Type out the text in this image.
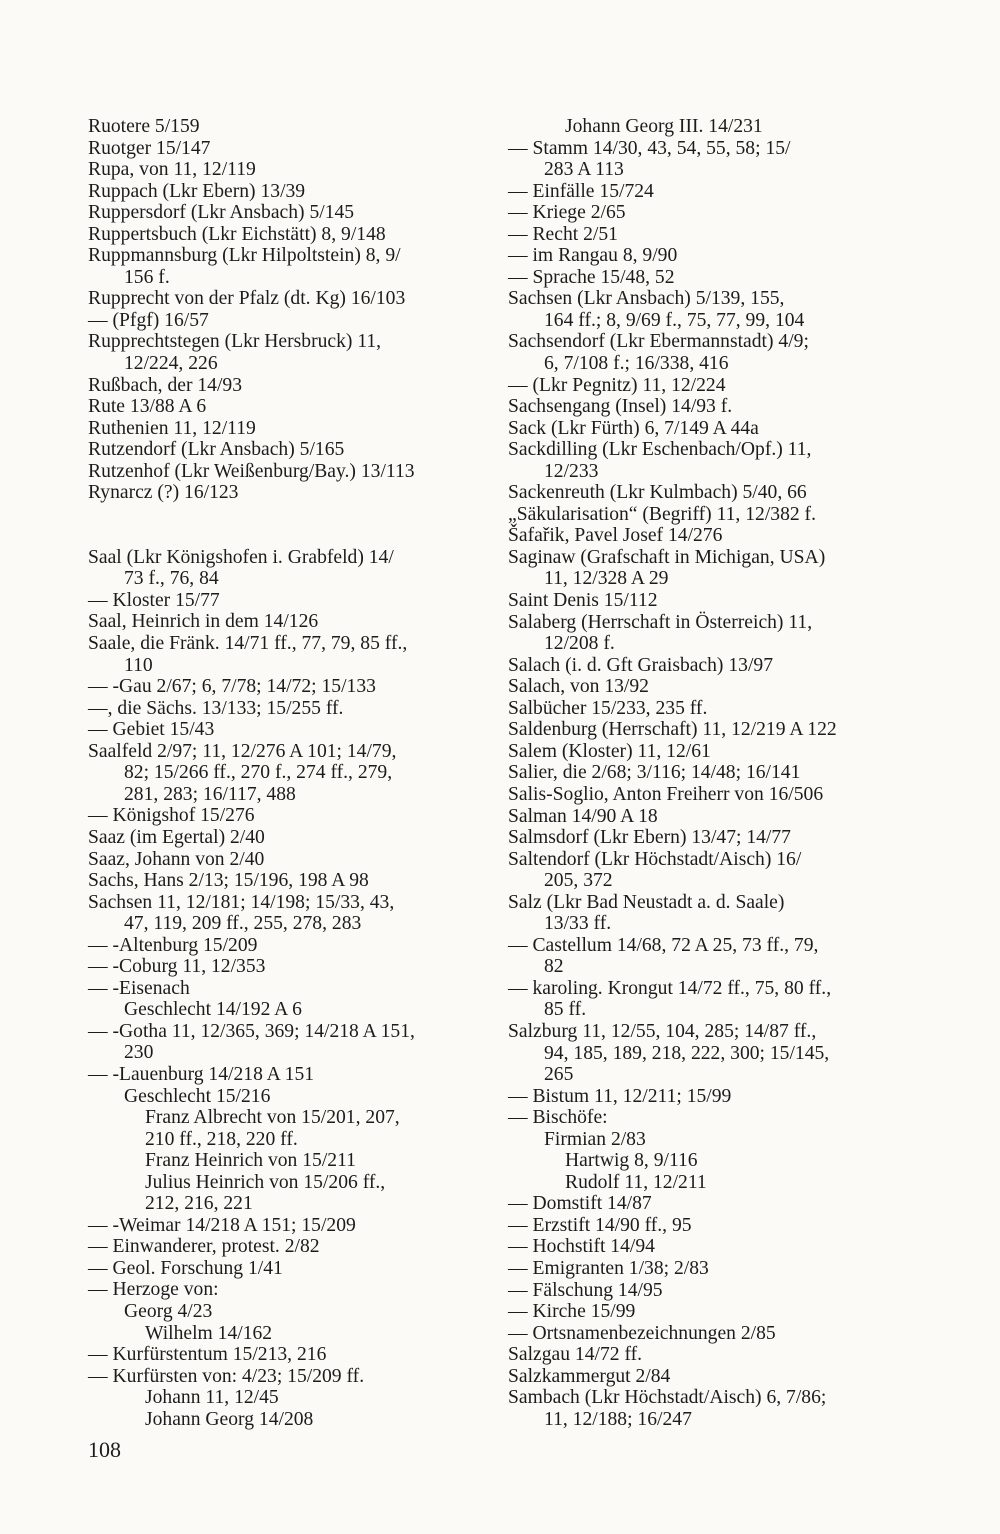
Ruotere 5/159
Ruotger 15/147
Rupa, von 11, 12/119
Ruppach (Lkr Ebern) 13/39
Ruppersdorf (Lkr Ansbach) 5/145
Ruppertsbuch (Lkr Eichstätt) 8, 9/148
Ruppmannsburg (Lkr Hilpoltstein) 8, 9/
156 f.
Rupprecht von der Pfalz (dt. Kg) 16/103
— (Pfgf) 16/57
Rupprechtstegen (Lkr Hersbruck) 11,
12/224, 226
Rußbach, der 14/93
Rute 13/88 A 6
Ruthenien 11, 12/119
Rutzendorf (Lkr Ansbach) 5/165
Rutzenhof (Lkr Weißenburg/Bay.) 13/113
Rynarcz (?) 16/123
Saal (Lkr Königshofen i. Grabfeld) 14/
73 f., 76, 84
— Kloster 15/77
Saal, Heinrich in dem 14/126
Saale, die Fränk. 14/71 ff., 77, 79, 85 ff.,
110
— -Gau 2/67; 6, 7/78; 14/72; 15/133
—, die Sächs. 13/133; 15/255 ff.
— Gebiet 15/43
Saalfeld 2/97; 11, 12/276 A 101; 14/79,
82; 15/266 ff., 270 f., 274 ff., 279,
281, 283; 16/117, 488
— Königshof 15/276
Saaz (im Egertal) 2/40
Saaz, Johann von 2/40
Sachs, Hans 2/13; 15/196, 198 A 98
Sachsen 11, 12/181; 14/198; 15/33, 43,
47, 119, 209 ff., 255, 278, 283
— -Altenburg 15/209
— -Coburg 11, 12/353
— -Eisenach
Geschlecht 14/192 A 6
— -Gotha 11, 12/365, 369; 14/218 A 151,
230
— -Lauenburg 14/218 A 151
Geschlecht 15/216
Franz Albrecht von 15/201, 207,
210 ff., 218, 220 ff.
Franz Heinrich von 15/211
Julius Heinrich von 15/206 ff.,
212, 216, 221
— -Weimar 14/218 A 151; 15/209
— Einwanderer, protest. 2/82
— Geol. Forschung 1/41
— Herzoge von:
Georg 4/23
Wilhelm 14/162
— Kurfürstentum 15/213, 216
— Kurfürsten von: 4/23; 15/209 ff.
Johann 11, 12/45
Johann Georg 14/208
Johann Georg III. 14/231
— Stamm 14/30, 43, 54, 55, 58; 15/
283 A 113
— Einfälle 15/724
— Kriege 2/65
— Recht 2/51
— im Rangau 8, 9/90
— Sprache 15/48, 52
Sachsen (Lkr Ansbach) 5/139, 155,
164 ff.; 8, 9/69 f., 75, 77, 99, 104
Sachsendorf (Lkr Ebermannstadt) 4/9;
6, 7/108 f.; 16/338, 416
— (Lkr Pegnitz) 11, 12/224
Sachsengang (Insel) 14/93 f.
Sack (Lkr Fürth) 6, 7/149 A 44a
Sackdilling (Lkr Eschenbach/Opf.) 11,
12/233
Sackenreuth (Lkr Kulmbach) 5/40, 66
„Säkularisation“ (Begriff) 11, 12/382 f.
Šafařik, Pavel Josef 14/276
Saginaw (Grafschaft in Michigan, USA)
11, 12/328 A 29
Saint Denis 15/112
Salaberg (Herrschaft in Österreich) 11,
12/208 f.
Salach (i. d. Gft Graisbach) 13/97
Salach, von 13/92
Salbücher 15/233, 235 ff.
Saldenburg (Herrschaft) 11, 12/219 A 122
Salem (Kloster) 11, 12/61
Salier, die 2/68; 3/116; 14/48; 16/141
Salis-Soglio, Anton Freiherr von 16/506
Salman 14/90 A 18
Salmsdorf (Lkr Ebern) 13/47; 14/77
Saltendorf (Lkr Höchstadt/Aisch) 16/
205, 372
Salz (Lkr Bad Neustadt a. d. Saale)
13/33 ff.
— Castellum 14/68, 72 A 25, 73 ff., 79,
82
— karoling. Krongut 14/72 ff., 75, 80 ff.,
85 ff.
Salzburg 11, 12/55, 104, 285; 14/87 ff.,
94, 185, 189, 218, 222, 300; 15/145,
265
— Bistum 11, 12/211; 15/99
— Bischöfe:
Firmian 2/83
Hartwig 8, 9/116
Rudolf 11, 12/211
— Domstift 14/87
— Erzstift 14/90 ff., 95
— Hochstift 14/94
— Emigranten 1/38; 2/83
— Fälschung 14/95
— Kirche 15/99
— Ortsnamenbezeichnungen 2/85
Salzgau 14/72 ff.
Salzkammergut 2/84
Sambach (Lkr Höchstadt/Aisch) 6, 7/86;
11, 12/188; 16/247
108
